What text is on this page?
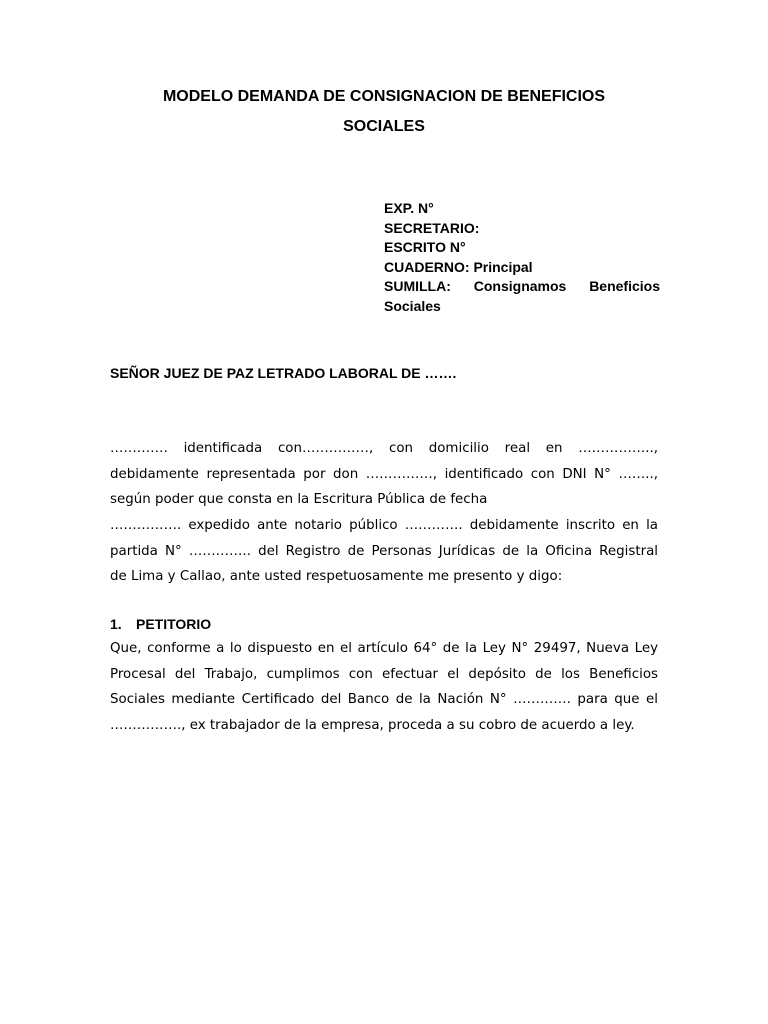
MODELO DEMANDA DE CONSIGNACION DE BENEFICIOS
SOCIALES
EXP. N°
SECRETARIO:
ESCRITO N°
CUADERNO: Principal
SUMILLA: Consignamos Beneficios
Sociales
SEÑOR JUEZ DE PAZ LETRADO LABORAL DE …….
…………. identificada con……………, con domicilio real en ……………..,
debidamente representada por don ……………, identificado con DNI N° ……..,
según poder que consta en la Escritura Pública de fecha
……………. expedido ante notario público …………. debidamente inscrito en la
partida N° ………….. del Registro de Personas Jurídicas de la Oficina Registral
de Lima y Callao, ante usted respetuosamente me presento y digo:
1. PETITORIO
Que, conforme a lo dispuesto en el artículo 64° de la Ley N° 29497, Nueva Ley
Procesal del Trabajo, cumplimos con efectuar el depósito de los Beneficios
Sociales mediante Certificado del Banco de la Nación N° …………. para que el
……………., ex trabajador de la empresa, proceda a su cobro de acuerdo a ley.
